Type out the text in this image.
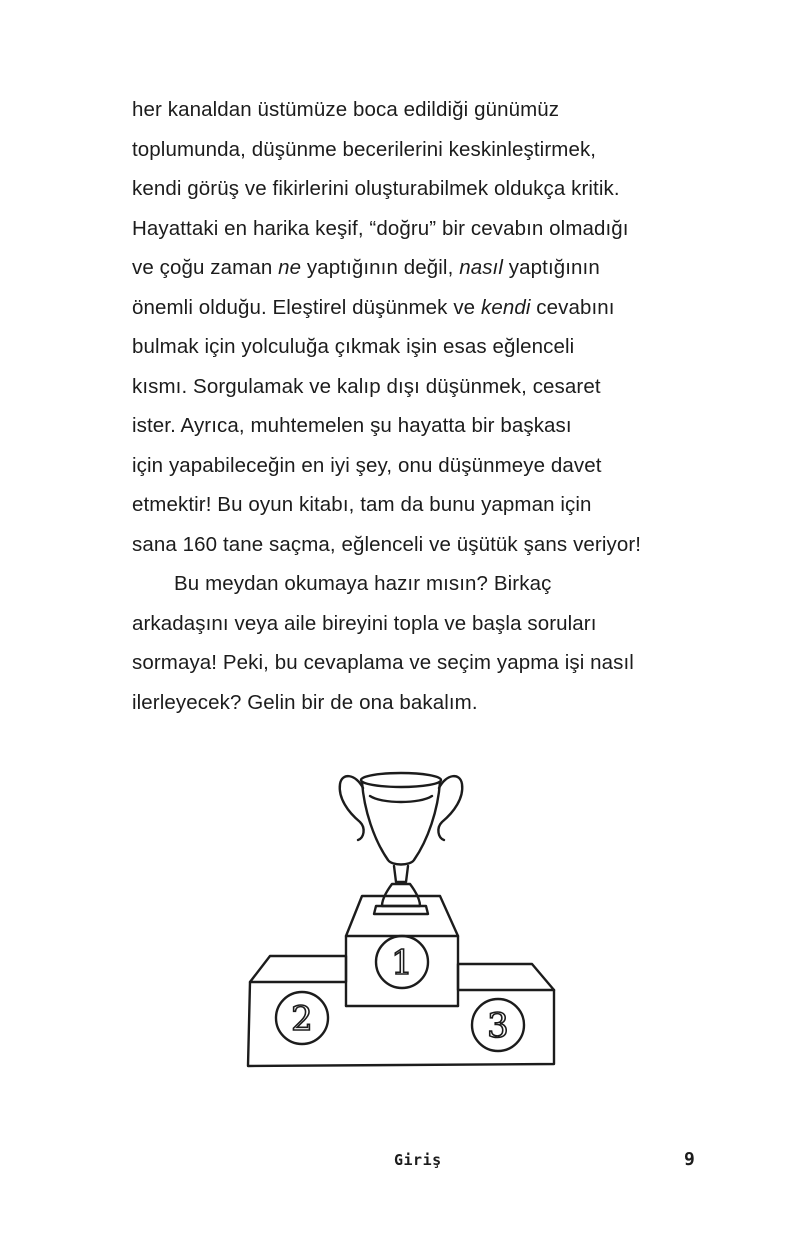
her kanaldan üstümüze boca edildiği günümüz
toplumunda, düşünme becerilerini keskinleştirmek,
kendi görüş ve fikirlerini oluşturabilmek oldukça kritik.
Hayattaki en harika keşif, “doğru” bir cevabın olmadığı
ve çoğu zaman ne yaptığının değil, nasıl yaptığının
önemli olduğu. Eleştirel düşünmek ve kendi cevabını
bulmak için yolculuğa çıkmak işin esas eğlenceli
kısmı. Sorgulamak ve kalıp dışı düşünmek, cesaret
ister. Ayrıca, muhtemelen şu hayatta bir başkası
için yapabileceğin en iyi şey, onu düşünmeye davet
etmektir! Bu oyun kitabı, tam da bunu yapman için
sana 160 tane saçma, eğlenceli ve üşütük şans veriyor!

Bu meydan okumaya hazır mısın? Birkaç
arkadaşını veya aile bireyini topla ve başla soruları
sormaya! Peki, bu cevaplama ve seçim yapma işi nasıl
ilerleyecek? Gelin bir de ona bakalım.

1
2	3
Giriş	9
